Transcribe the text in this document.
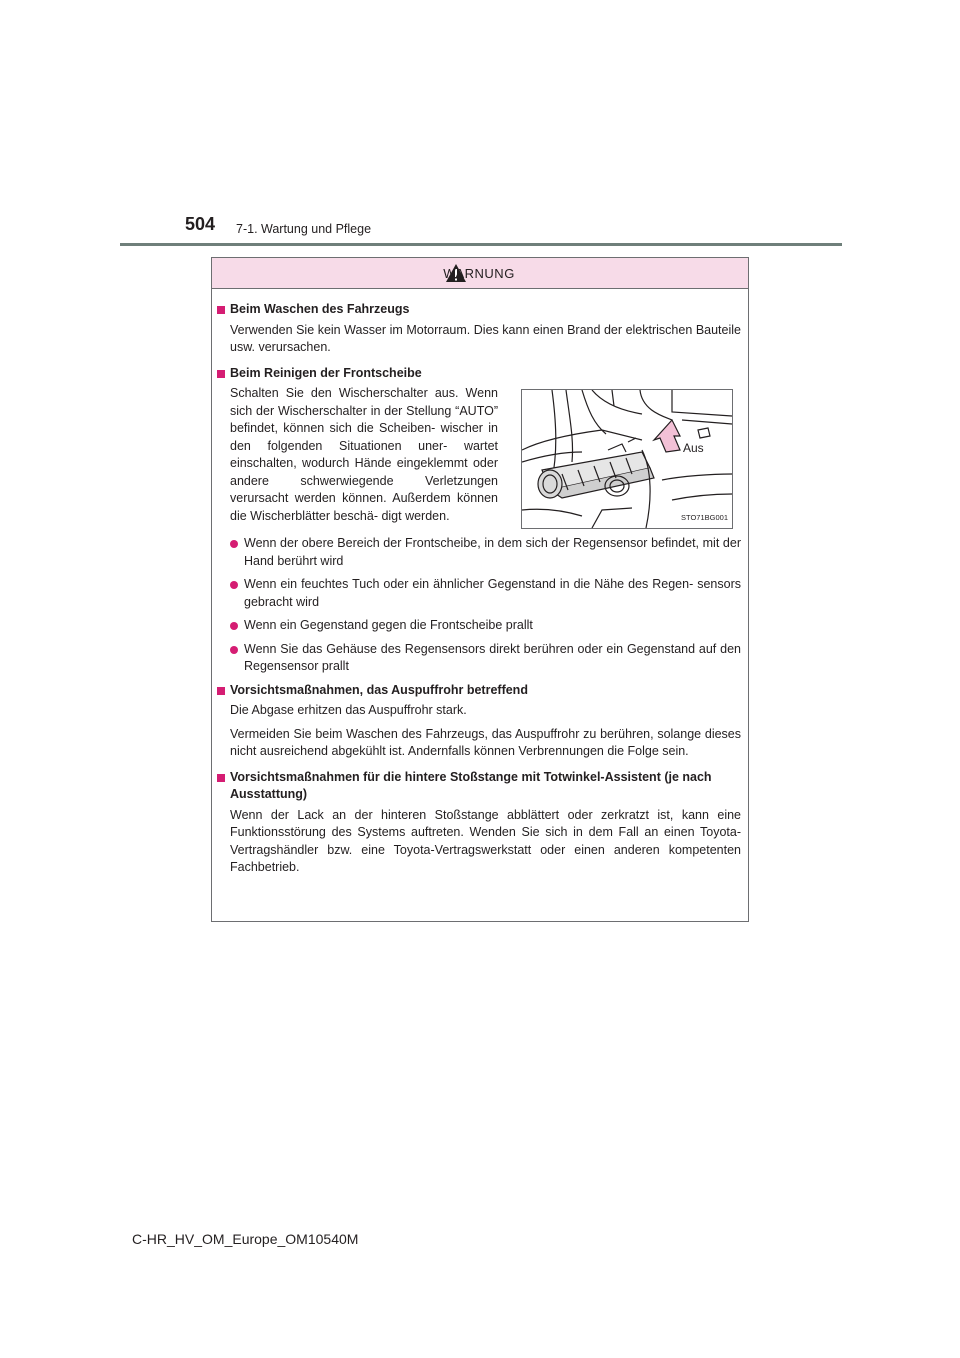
504 7-1. Wartung und Pflege
WARNUNG
Beim Waschen des Fahrzeugs
Verwenden Sie kein Wasser im Motorraum. Dies kann einen Brand der elektrischen Bauteile usw. verursachen.
Beim Reinigen der Frontscheibe
Schalten Sie den Wischerschalter aus. Wenn sich der Wischerschalter in der Stellung “AUTO” befindet, können sich die Scheiben- wischer in den folgenden Situationen uner- wartet einschalten, wodurch Hände eingeklemmt oder andere schwerwiegende Verletzungen verursacht werden können. Außerdem können die Wischerblätter beschä- digt werden.
Aus
STO71BG001
Wenn der obere Bereich der Frontscheibe, in dem sich der Regensensor befindet, mit der Hand berührt wird
Wenn ein feuchtes Tuch oder ein ähnlicher Gegenstand in die Nähe des Regen- sensors gebracht wird
Wenn ein Gegenstand gegen die Frontscheibe prallt
Wenn Sie das Gehäuse des Regensensors direkt berühren oder ein Gegenstand auf den Regensensor prallt
Vorsichtsmaßnahmen, das Auspuffrohr betreffend
Die Abgase erhitzen das Auspuffrohr stark.
Vermeiden Sie beim Waschen des Fahrzeugs, das Auspuffrohr zu berühren, solange dieses nicht ausreichend abgekühlt ist. Andernfalls können Verbrennungen die Folge sein.
Vorsichtsmaßnahmen für die hintere Stoßstange mit Totwinkel-Assistent (je nach Ausstattung)
Wenn der Lack an der hinteren Stoßstange abblättert oder zerkratzt ist, kann eine Funktionsstörung des Systems auftreten. Wenden Sie sich in dem Fall an einen Toyota-Vertragshändler bzw. eine Toyota-Vertragswerkstatt oder einen anderen kompetenten Fachbetrieb.
C-HR_HV_OM_Europe_OM10540M
